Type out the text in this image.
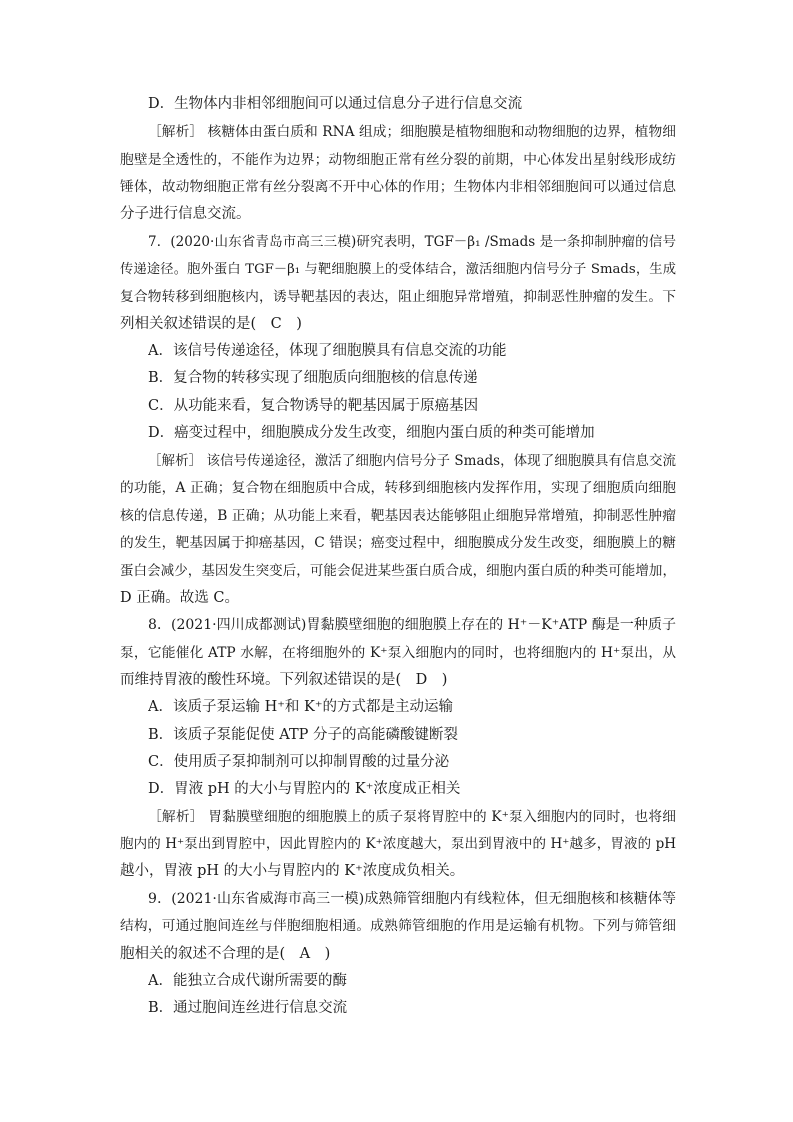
D．生物体内非相邻细胞间可以通过信息分子进行信息交流
［解析］ 核糖体由蛋白质和 RNA 组成；细胞膜是植物细胞和动物细胞的边界，植物细
胞壁是全透性的，不能作为边界；动物细胞正常有丝分裂的前期，中心体发出星射线形成纺
锤体，故动物细胞正常有丝分裂离不开中心体的作用；生物体内非相邻细胞间可以通过信息
分子进行信息交流。
7．(2020·山东省青岛市高三三模)研究表明，TGF－β₁ /Smads 是一条抑制肿瘤的信号
传递途径。胞外蛋白 TGF－β₁ 与靶细胞膜上的受体结合，激活细胞内信号分子 Smads，生成
复合物转移到细胞核内，诱导靶基因的表达，阻止细胞异常增殖，抑制恶性肿瘤的发生。下
列相关叙述错误的是(　C　)
A．该信号传递途径，体现了细胞膜具有信息交流的功能
B．复合物的转移实现了细胞质向细胞核的信息传递
C．从功能来看，复合物诱导的靶基因属于原癌基因
D．癌变过程中，细胞膜成分发生改变，细胞内蛋白质的种类可能增加
［解析］ 该信号传递途径，激活了细胞内信号分子 Smads，体现了细胞膜具有信息交流
的功能，A 正确；复合物在细胞质中合成，转移到细胞核内发挥作用，实现了细胞质向细胞
核的信息传递，B 正确；从功能上来看，靶基因表达能够阻止细胞异常增殖，抑制恶性肿瘤
的发生，靶基因属于抑癌基因，C 错误；癌变过程中，细胞膜成分发生改变，细胞膜上的糖
蛋白会减少，基因发生突变后，可能会促进某些蛋白质合成，细胞内蛋白质的种类可能增加，
D 正确。故选 C。
8．(2021·四川成都测试)胃黏膜壁细胞的细胞膜上存在的 H⁺－K⁺ATP 酶是一种质子
泵，它能催化 ATP 水解，在将细胞外的 K⁺泵入细胞内的同时，也将细胞内的 H⁺泵出，从
而维持胃液的酸性环境。下列叙述错误的是(　D　)
A．该质子泵运输 H⁺和 K⁺的方式都是主动运输
B．该质子泵能促使 ATP 分子的高能磷酸键断裂
C．使用质子泵抑制剂可以抑制胃酸的过量分泌
D．胃液 pH 的大小与胃腔内的 K⁺浓度成正相关
［解析］ 胃黏膜壁细胞的细胞膜上的质子泵将胃腔中的 K⁺泵入细胞内的同时，也将细
胞内的 H⁺泵出到胃腔中，因此胃腔内的 K⁺浓度越大，泵出到胃液中的 H⁺越多，胃液的 pH
越小，胃液 pH 的大小与胃腔内的 K⁺浓度成负相关。
9．(2021·山东省威海市高三一模)成熟筛管细胞内有线粒体，但无细胞核和核糖体等
结构，可通过胞间连丝与伴胞细胞相通。成熟筛管细胞的作用是运输有机物。下列与筛管细
胞相关的叙述不合理的是(　A　)
A．能独立合成代谢所需要的酶
B．通过胞间连丝进行信息交流
